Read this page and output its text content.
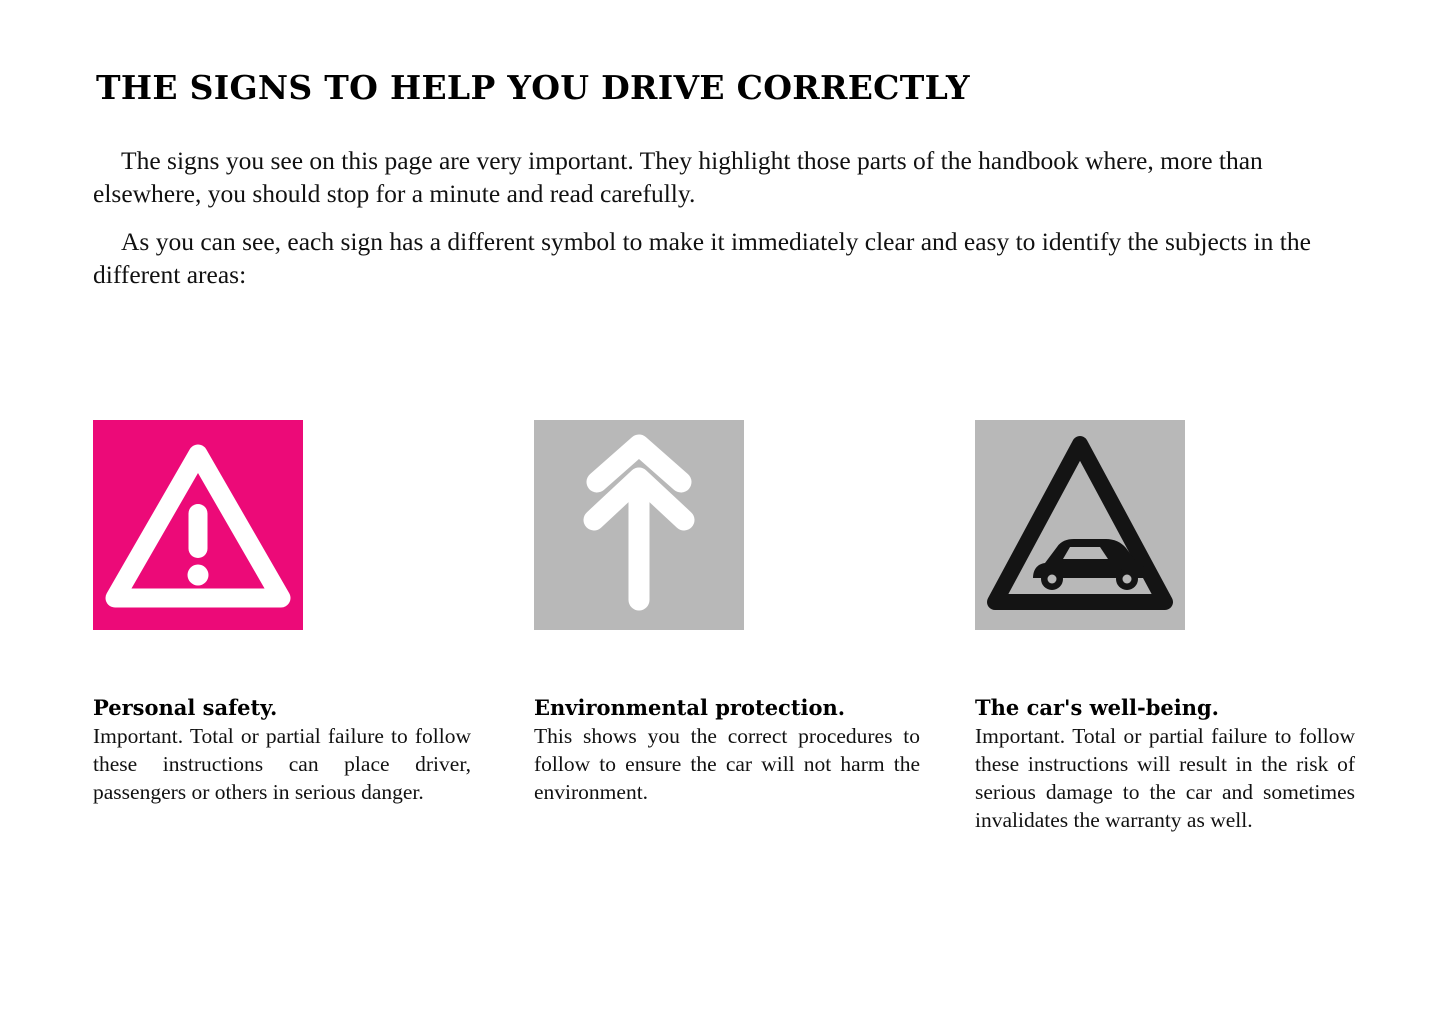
THE SIGNS TO HELP YOU DRIVE CORRECTLY

The signs you see on this page are very important. They highlight those parts of the handbook where, more than elsewhere, you should stop for a minute and read carefully.

As you can see, each sign has a different symbol to make it immediately clear and easy to identify the subjects in the different areas:

Personal safety.
Important. Total or partial failure to follow these instructions can place driver, passengers or others in serious danger.
Environmental protection.
This shows you the correct procedures to follow to ensure the car will not harm the environment.
The car's well-being.
Important. Total or partial failure to follow these instructions will result in the risk of serious damage to the car and sometimes invalidates the warranty as well.
